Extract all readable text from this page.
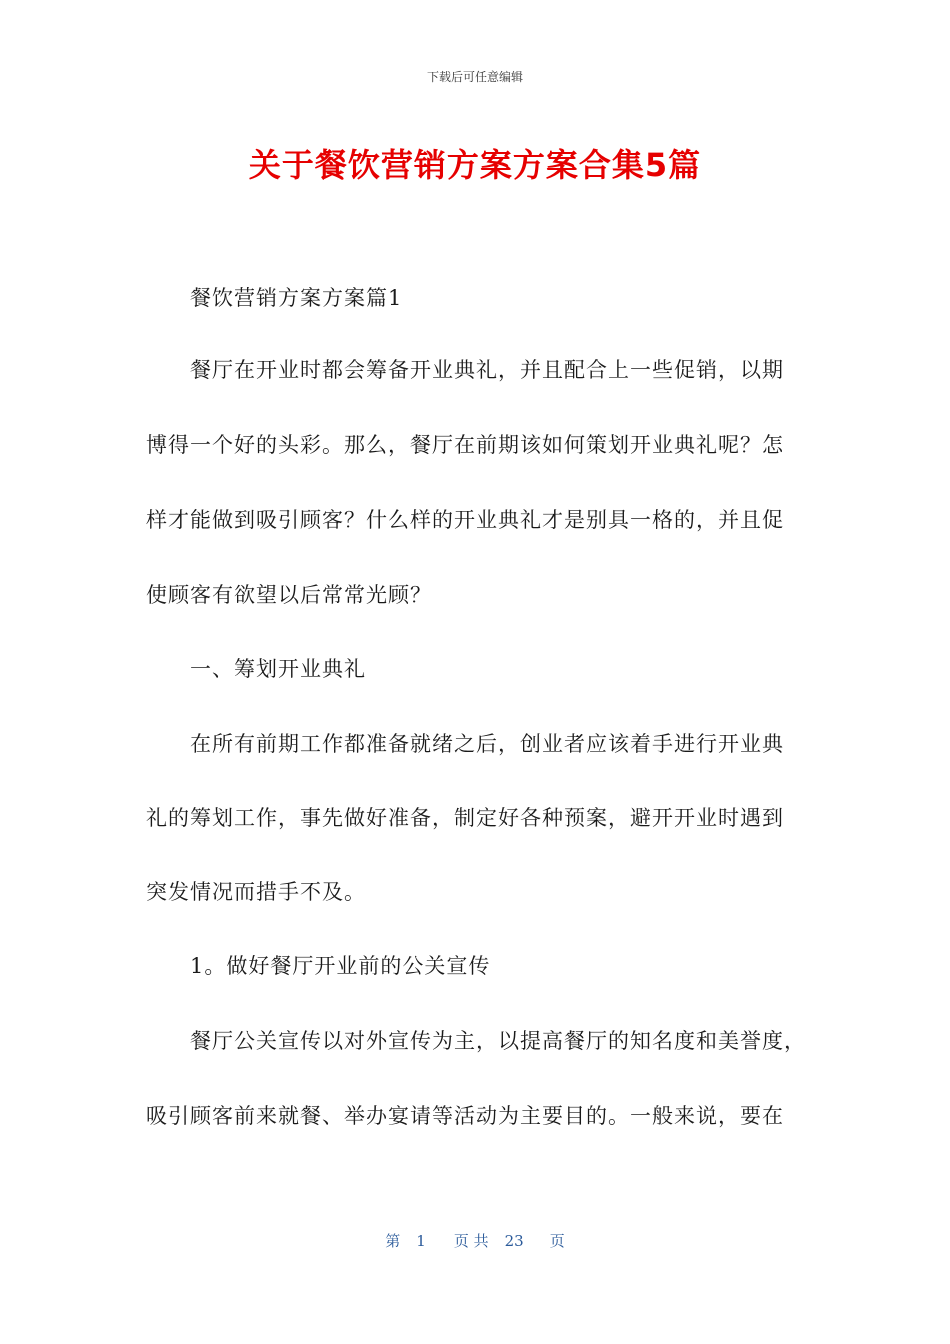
下载后可任意编辑
关于餐饮营销方案方案合集5篇
餐饮营销方案方案篇1
餐厅在开业时都会筹备开业典礼，并且配合上一些促销，以期
博得一个好的头彩。那么，餐厅在前期该如何策划开业典礼呢？怎
样才能做到吸引顾客？什么样的开业典礼才是别具一格的，并且促
使顾客有欲望以后常常光顾？
一、筹划开业典礼
在所有前期工作都准备就绪之后，创业者应该着手进行开业典
礼的筹划工作，事先做好准备，制定好各种预案，避开开业时遇到
突发情况而措手不及。
1。做好餐厅开业前的公关宣传
餐厅公关宣传以对外宣传为主，以提高餐厅的知名度和美誉度，
吸引顾客前来就餐、举办宴请等活动为主要目的。一般来说，要在
第 1 页 共 23 页
